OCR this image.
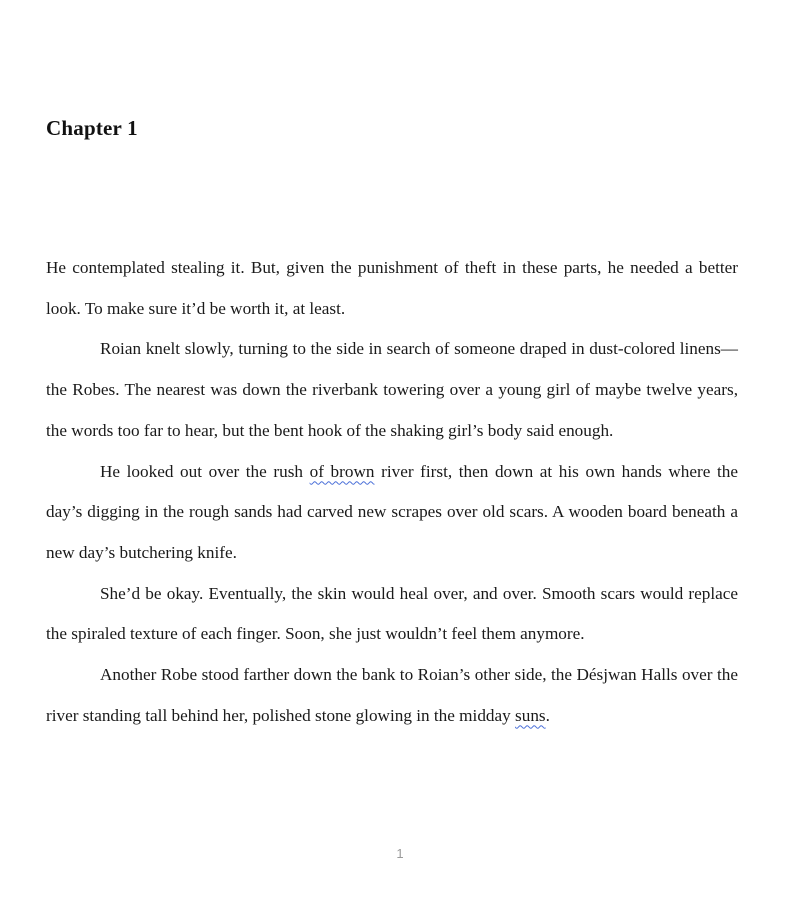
Chapter 1

He contemplated stealing it. But, given the punishment of theft in these parts, he needed a better look. To make sure it’d be worth it, at least.

Roian knelt slowly, turning to the side in search of someone draped in dust-colored linens—the Robes. The nearest was down the riverbank towering over a young girl of maybe twelve years, the words too far to hear, but the bent hook of the shaking girl’s body said enough.

He looked out over the rush of brown river first, then down at his own hands where the day’s digging in the rough sands had carved new scrapes over old scars. A wooden board beneath a new day’s butchering knife.

She’d be okay. Eventually, the skin would heal over, and over. Smooth scars would replace the spiraled texture of each finger. Soon, she just wouldn’t feel them anymore.

Another Robe stood farther down the bank to Roian’s other side, the Désjwan Halls over the river standing tall behind her, polished stone glowing in the midday suns.

1
